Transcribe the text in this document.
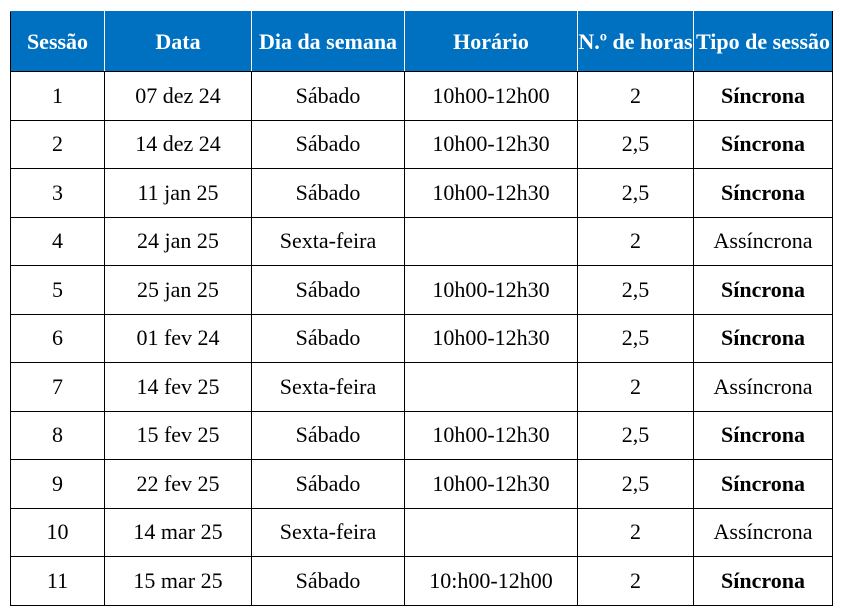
Sessão	Data	Dia da semana	Horário	N.º de horas	Tipo de sessão
1	07 dez 24	Sábado	10h00-12h00	2	Síncrona
2	14 dez 24	Sábado	10h00-12h30	2,5	Síncrona
3	11 jan 25	Sábado	10h00-12h30	2,5	Síncrona
4	24 jan 25	Sexta-feira		2	Assíncrona
5	25 jan 25	Sábado	10h00-12h30	2,5	Síncrona
6	01 fev 24	Sábado	10h00-12h30	2,5	Síncrona
7	14 fev 25	Sexta-feira		2	Assíncrona
8	15 fev 25	Sábado	10h00-12h30	2,5	Síncrona
9	22 fev 25	Sábado	10h00-12h30	2,5	Síncrona
10	14 mar 25	Sexta-feira		2	Assíncrona
11	15 mar 25	Sábado	10:h00-12h00	2	Síncrona
